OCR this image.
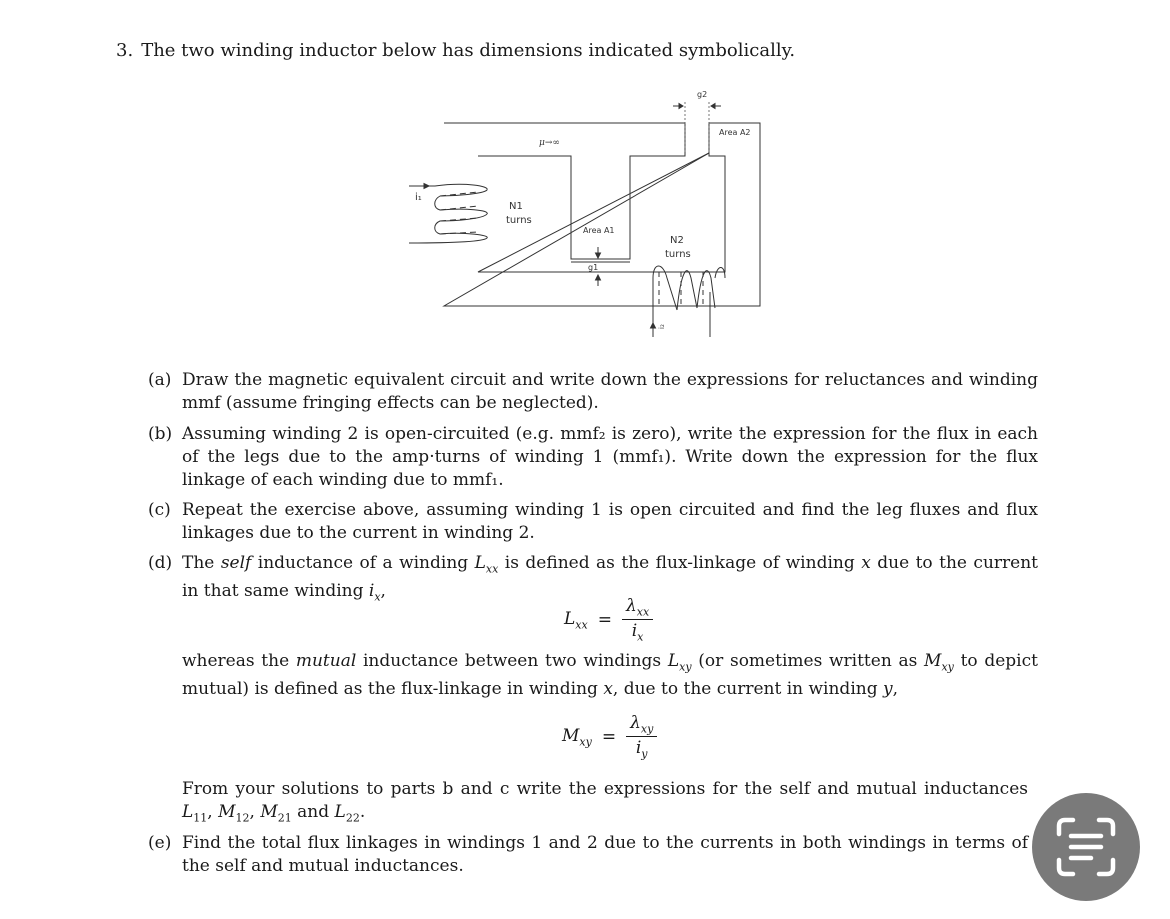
3. The two winding inductor below has dimensions indicated symbolically.
μ→∞
i₁
N1
turns
Area A1
g1
N2
turns
Area A2
g2
i₂
(a) Draw the magnetic equivalent circuit and write down the expressions for reluctances and winding mmf (assume fringing effects can be neglected).
(b) Assuming winding 2 is open-circuited (e.g. mmf₂ is zero), write the expression for the flux in each of the legs due to the amp·turns of winding 1 (mmf₁). Write down the expression for the flux linkage of each winding due to mmf₁.
(c) Repeat the exercise above, assuming winding 1 is open circuited and find the leg fluxes and flux linkages due to the current in winding 2.
(d) The self inductance of a winding $L_{xx}$ is defined as the flux-linkage of winding x due to the current in that same winding $i_x$,
$L_{xx} = \frac{\lambda_{xx}}{i_x}$
whereas the mutual inductance between two windings $L_{xy}$ (or sometimes written as $M_{xy}$ to depict mutual) is defined as the flux-linkage in winding x, due to the current in winding y,
$M_{xy} = \frac{\lambda_{xy}}{i_y}$
From your solutions to parts b and c write the expressions for the self and mutual inductances $L_{11}$, $M_{12}$, $M_{21}$ and $L_{22}$.
(e) Find the total flux linkages in windings 1 and 2 due to the currents in both windings in terms of the self and mutual inductances.
